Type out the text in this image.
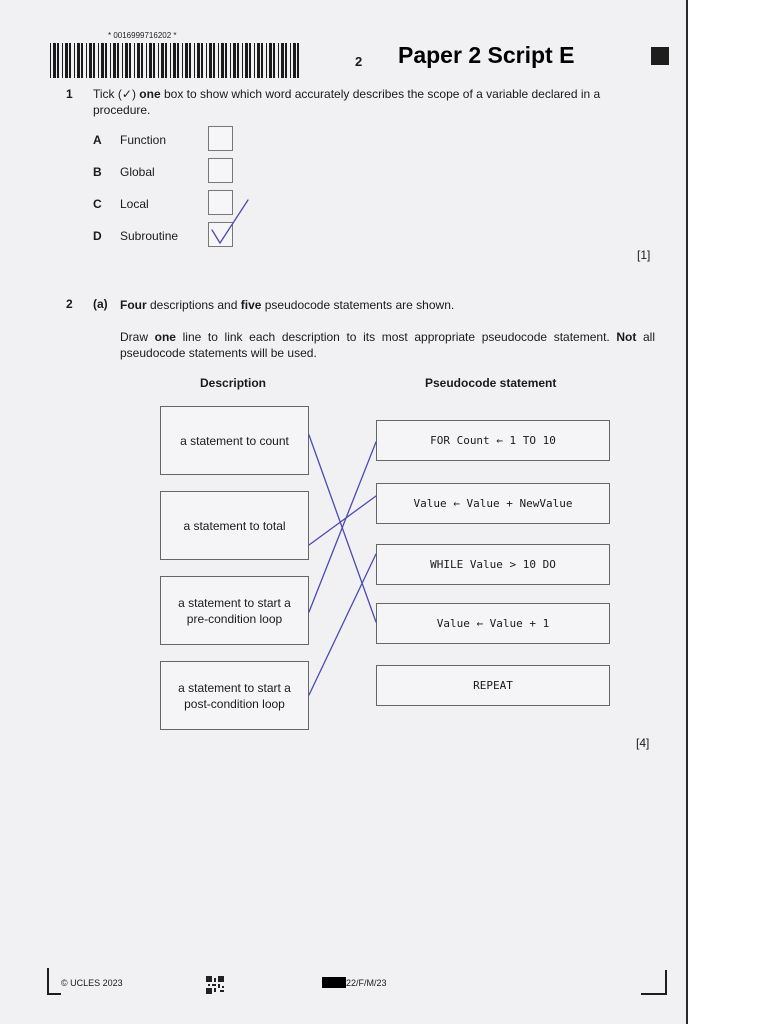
* 0016999716202 *
2 Paper 2 Script E
1 Tick (✓) one box to show which word accurately describes the scope of a variable declared in a procedure.
A Function
B Global
C Local
D Subroutine
[1]
2 (a) Four descriptions and five pseudocode statements are shown.
Draw one line to link each description to its most appropriate pseudocode statement. Not all pseudocode statements will be used.
Description	Pseudocode statement
a statement to count
a statement to total
a statement to start a pre-condition loop
a statement to start a post-condition loop
FOR Count ← 1 TO 10
Value ← Value + NewValue
WHILE Value > 10 DO
Value ← Value + 1
REPEAT
[4]
© UCLES 2023	22/F/M/23
